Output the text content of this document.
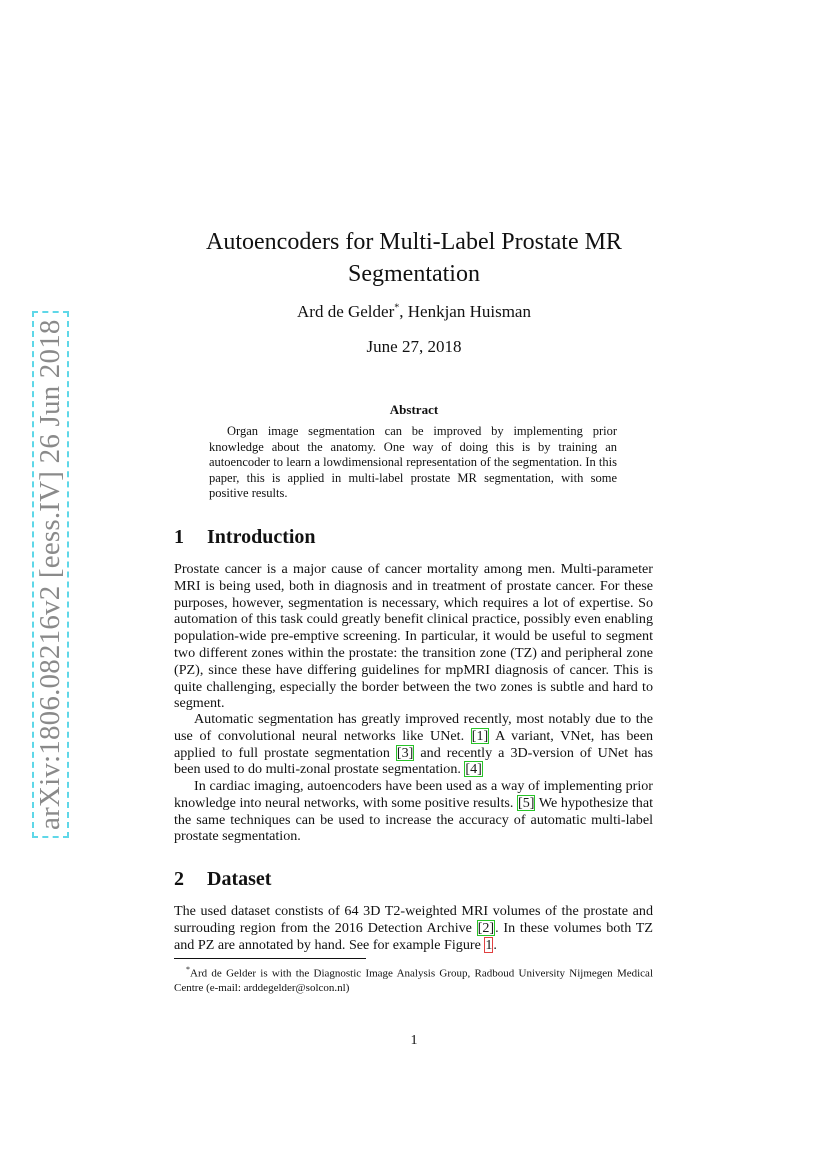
arXiv:1806.08216v2 [eess.IV] 26 Jun 2018
Autoencoders for Multi-Label Prostate MR
Segmentation
Ard de Gelder*, Henkjan Huisman
June 27, 2018
Abstract
Organ image segmentation can be improved by implementing prior knowledge about the anatomy. One way of doing this is by training an autoencoder to learn a lowdimensional representation of the segmentation. In this paper, this is applied in multi-label prostate MR segmentation, with some positive results.
1 Introduction
Prostate cancer is a major cause of cancer mortality among men. Multi-parameter MRI is being used, both in diagnosis and in treatment of prostate cancer. For these purposes, however, segmentation is necessary, which requires a lot of expertise. So automation of this task could greatly benefit clinical practice, possibly even enabling population-wide pre-emptive screening. In particular, it would be useful to segment two different zones within the prostate: the transition zone (TZ) and peripheral zone (PZ), since these have differing guidelines for mpMRI diagnosis of cancer. This is quite challenging, especially the border between the two zones is subtle and hard to segment.
Automatic segmentation has greatly improved recently, most notably due to the use of convolutional neural networks like UNet. [1] A variant, VNet, has been applied to full prostate segmentation [3] and recently a 3D-version of UNet has been used to do multi-zonal prostate segmentation. [4]
In cardiac imaging, autoencoders have been used as a way of implementing prior knowledge into neural networks, with some positive results. [5] We hypothesize that the same techniques can be used to increase the accuracy of automatic multi-label prostate segmentation.
2 Dataset
The used dataset constists of 64 3D T2-weighted MRI volumes of the prostate and surrouding region from the 2016 Detection Archive [2]. In these volumes both TZ and PZ are annotated by hand. See for example Figure 1.
*Ard de Gelder is with the Diagnostic Image Analysis Group, Radboud University Nijmegen Medical Centre (e-mail: arddegelder@solcon.nl)
1
